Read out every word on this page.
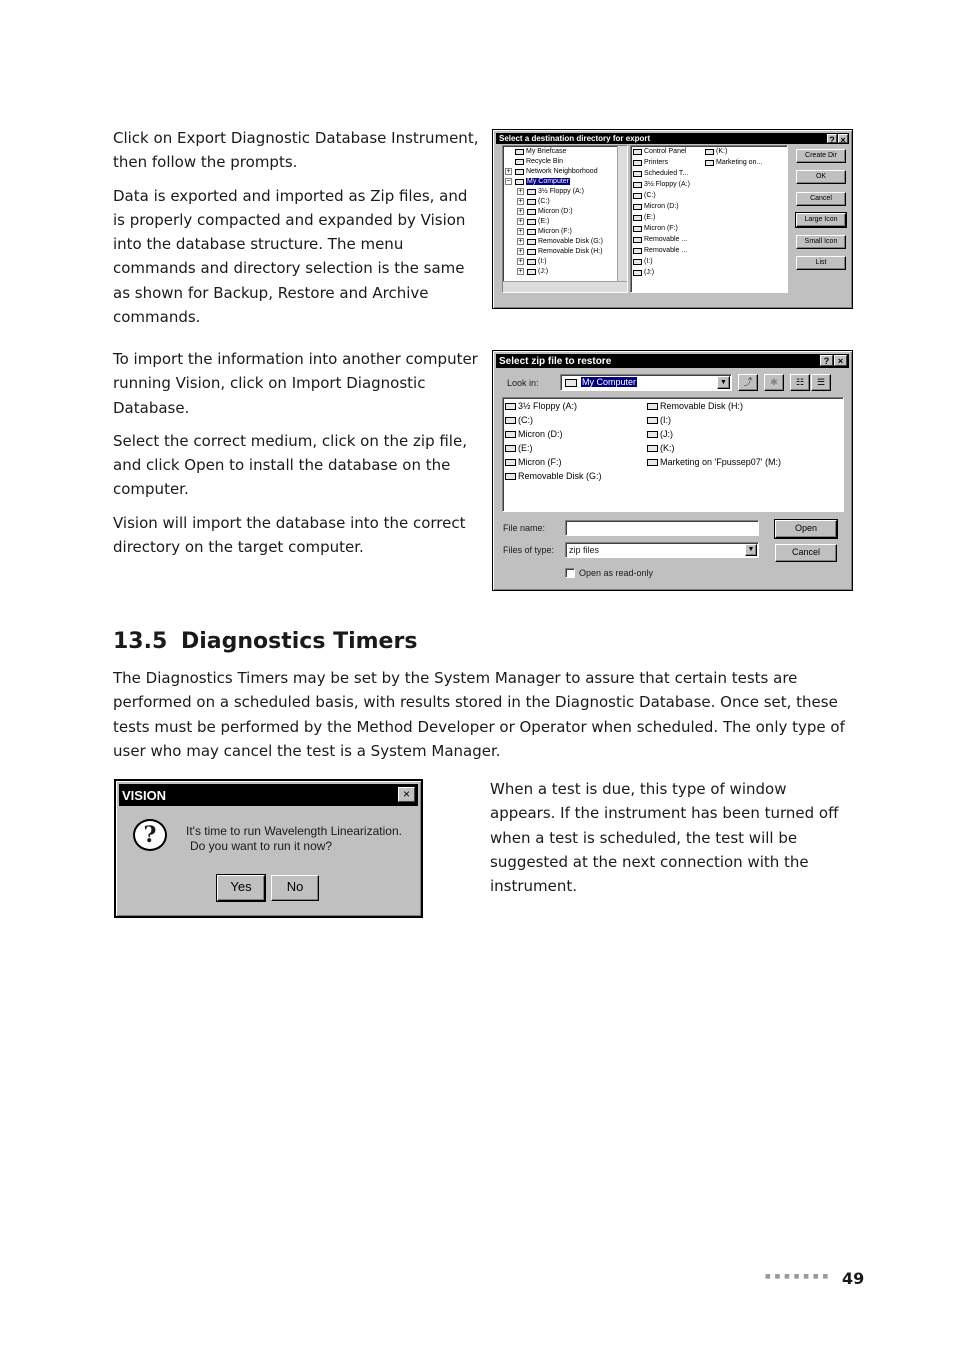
Click on Export Diagnostic Database Instrument, then follow the prompts.

Data is exported and imported as Zip files, and is properly compacted and expanded by Vision into the database structure. The menu commands and directory selection is the same as shown for Backup, Restore and Archive commands.

Select a destination directory for export	? ×
My Briefcase
Recycle Bin
+ Network Neighborhood
− My Computer
+ 3½ Floppy (A:)
+ (C:)
+ Micron (D:)
+ (E:)
+ Micron (F:)
+ Removable Disk (G:)
+ Removable Disk (H:)
+ (I:)
+ (J:)
Control Panel
Printers
Scheduled T...
3½ Floppy (A:)
(C:)
Micron (D:)
(E:)
Micron (F:)
Removable ...
Removable ...
(I:)
(J:)
(K:)
Marketing on...
Create Dir
OK
Cancel
Large Icon
Small Icon
List

To import the information into another computer running Vision, click on Import Diagnostic Database.

Select the correct medium, click on the zip file, and click Open to install the database on the computer.

Vision will import the database into the correct directory on the target computer.

Select zip file to restore	? ×
Look in:	My Computer	▼	⤴	✱	☷	☰
3½ Floppy (A:)
(C:)
Micron (D:)
(E:)
Micron (F:)
Removable Disk (G:)
Removable Disk (H:)
(I:)
(J:)
(K:)
Marketing on 'Fpussep07' (M:)
File name:	Open
Files of type: zip files	▼	Cancel
Open as read-only
13.5 Diagnostics Timers

The Diagnostics Timers may be set by the System Manager to assure that certain tests are performed on a scheduled basis, with results stored in the Diagnostic Database. Once set, these tests must be performed by the Method Developer or Operator when scheduled. The only type of user who may cancel the test is a System Manager.

VISION	×
?	It's time to run Wavelength Linearization.
Do you want to run it now?
Yes	No

When a test is due, this type of window appears. If the instrument has been turned off when a test is scheduled, the test will be suggested at the next connection with the instrument.

■ ■ ■ ■ ■ ■ ■ 49
